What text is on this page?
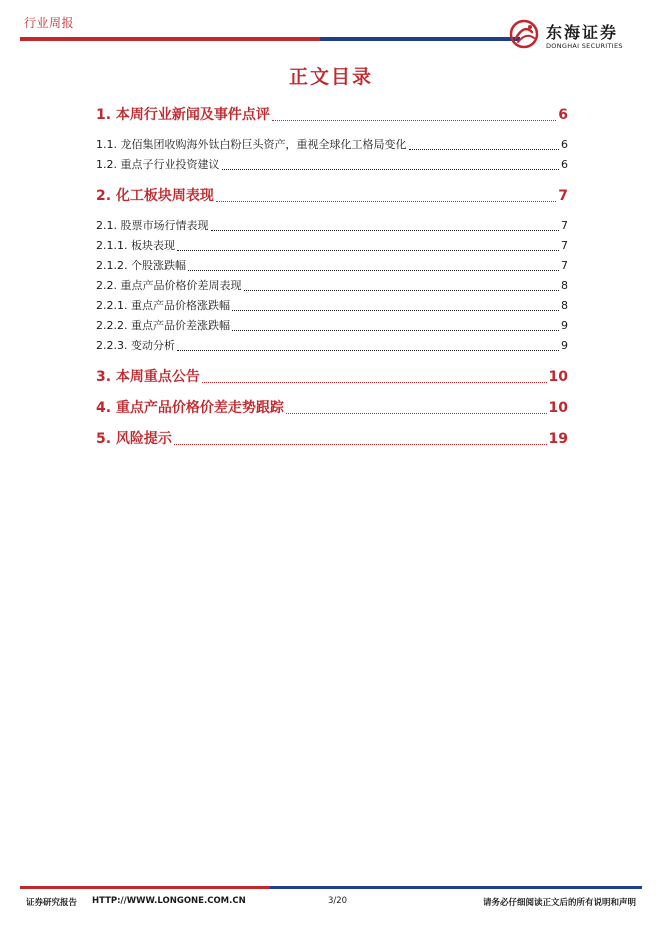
行业周报	东海证券
DONGHAI SECURITIES
正文目录
1. 本周行业新闻及事件点评	6
1.1. 龙佰集团收购海外钛白粉巨头资产，重视全球化工格局变化	6
1.2. 重点子行业投资建议	6
2. 化工板块周表现	7
2.1. 股票市场行情表现	7
2.1.1. 板块表现	7
2.1.2. 个股涨跌幅	7
2.2. 重点产品价格价差周表现	8
2.2.1. 重点产品价格涨跌幅	8
2.2.2. 重点产品价差涨跌幅	9
2.2.3. 变动分析	9
3. 本周重点公告	10
4. 重点产品价格价差走势跟踪	10
5. 风险提示	19
证券研究报告 HTTP://WWW.LONGONE.COM.CN	3/20	请务必仔细阅读正文后的所有说明和声明
